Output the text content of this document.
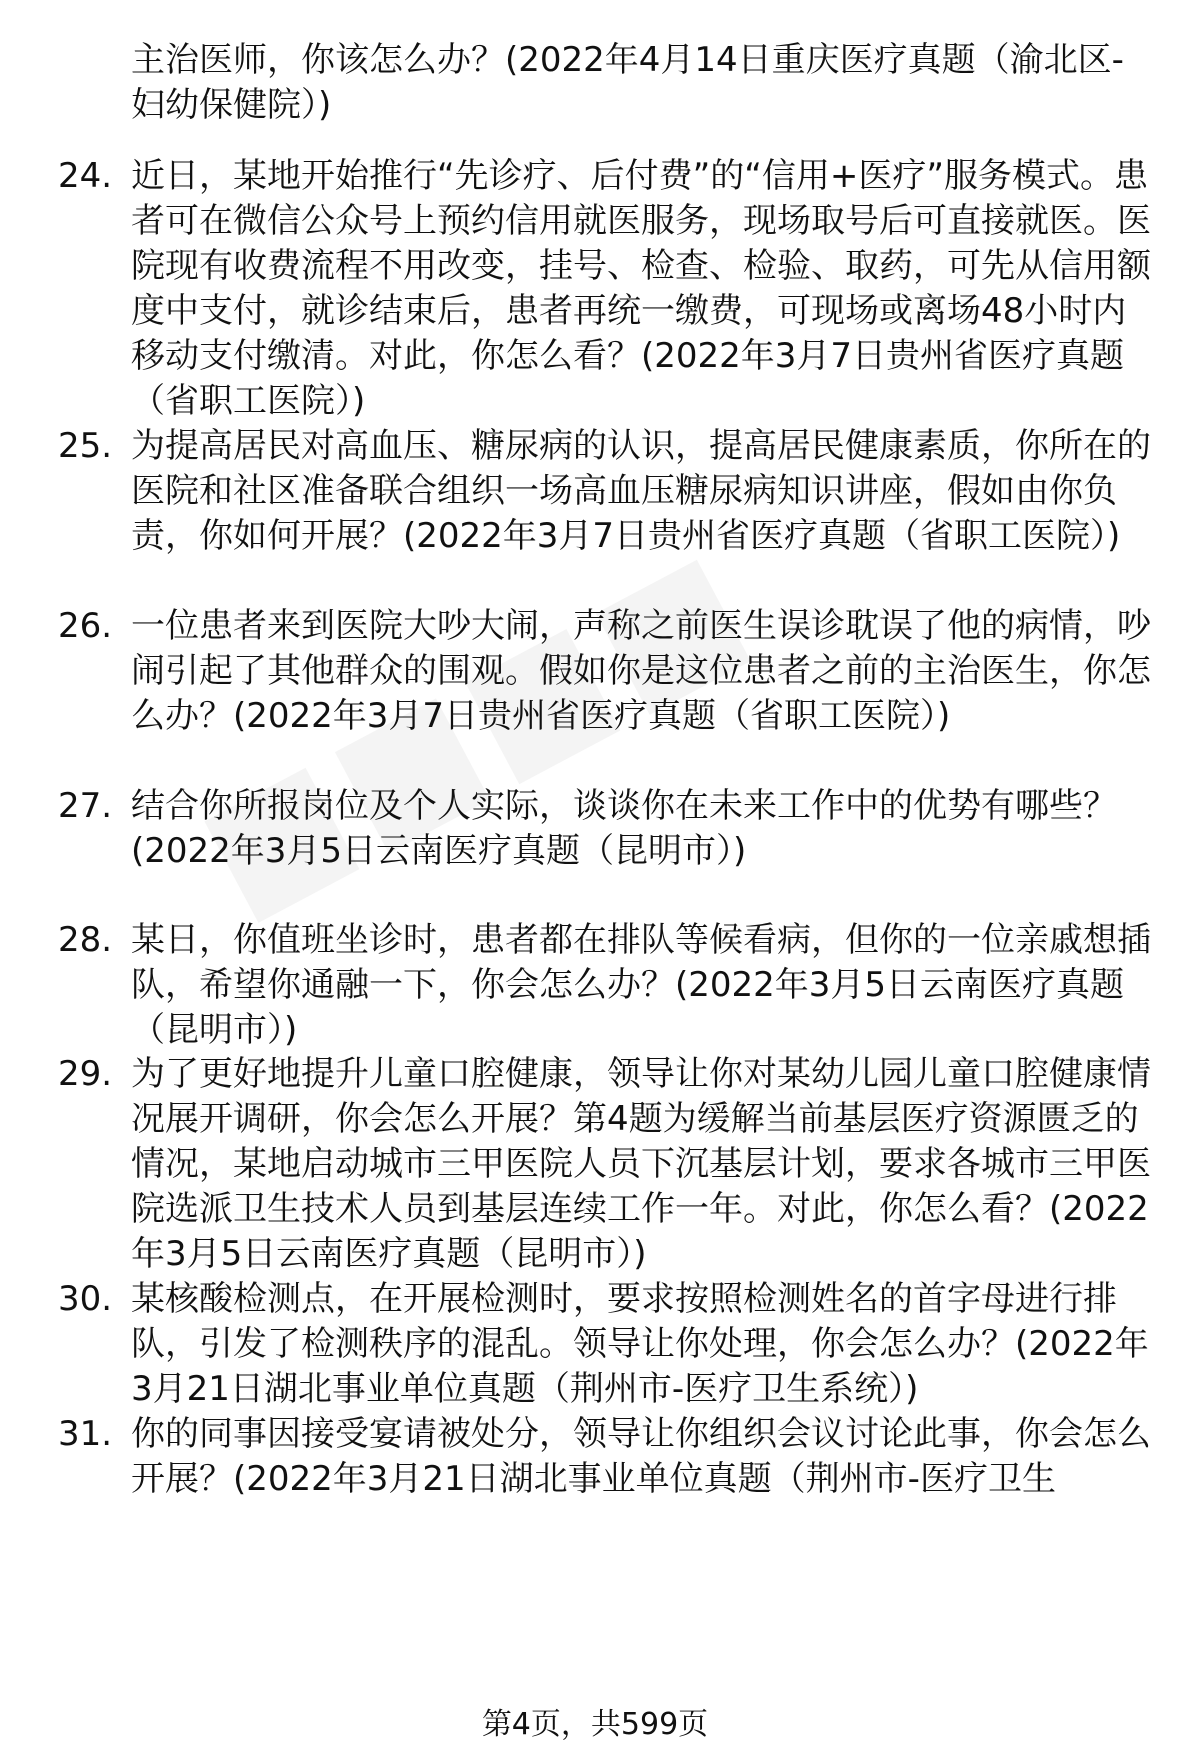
主治医师，你该怎么办？(2022年4月14日重庆医疗真题（渝北区-妇幼保健院）)
24. 近日，某地开始推行“先诊疗、后付费”的“信用+医疗”服务模式。患者可在微信公众号上预约信用就医服务，现场取号后可直接就医。医院现有收费流程不用改变，挂号、检查、检验、取药，可先从信用额度中支付，就诊结束后，患者再统一缴费，可现场或离场48小时内移动支付缴清。对此，你怎么看？(2022年3月7日贵州省医疗真题（省职工医院）)
25. 为提高居民对高血压、糖尿病的认识，提高居民健康素质，你所在的医院和社区准备联合组织一场高血压糖尿病知识讲座，假如由你负责，你如何开展？(2022年3月7日贵州省医疗真题（省职工医院）)
26. 一位患者来到医院大吵大闹，声称之前医生误诊耽误了他的病情，吵闹引起了其他群众的围观。假如你是这位患者之前的主治医生，你怎么办？(2022年3月7日贵州省医疗真题（省职工医院）)
27. 结合你所报岗位及个人实际，谈谈你在未来工作中的优势有哪些？(2022年3月5日云南医疗真题（昆明市）)
28. 某日，你值班坐诊时，患者都在排队等候看病，但你的一位亲戚想插队，希望你通融一下，你会怎么办？(2022年3月5日云南医疗真题（昆明市）)
29. 为了更好地提升儿童口腔健康，领导让你对某幼儿园儿童口腔健康情况展开调研，你会怎么开展？第4题为缓解当前基层医疗资源匮乏的情况，某地启动城市三甲医院人员下沉基层计划，要求各城市三甲医院选派卫生技术人员到基层连续工作一年。对此，你怎么看？(2022年3月5日云南医疗真题（昆明市）)
30. 某核酸检测点，在开展检测时，要求按照检测姓名的首字母进行排队，引发了检测秩序的混乱。领导让你处理，你会怎么办？(2022年3月21日湖北事业单位真题（荆州市-医疗卫生系统）)
31. 你的同事因接受宴请被处分，领导让你组织会议讨论此事，你会怎么开展？(2022年3月21日湖北事业单位真题（荆州市-医疗卫生
第4页，共599页
